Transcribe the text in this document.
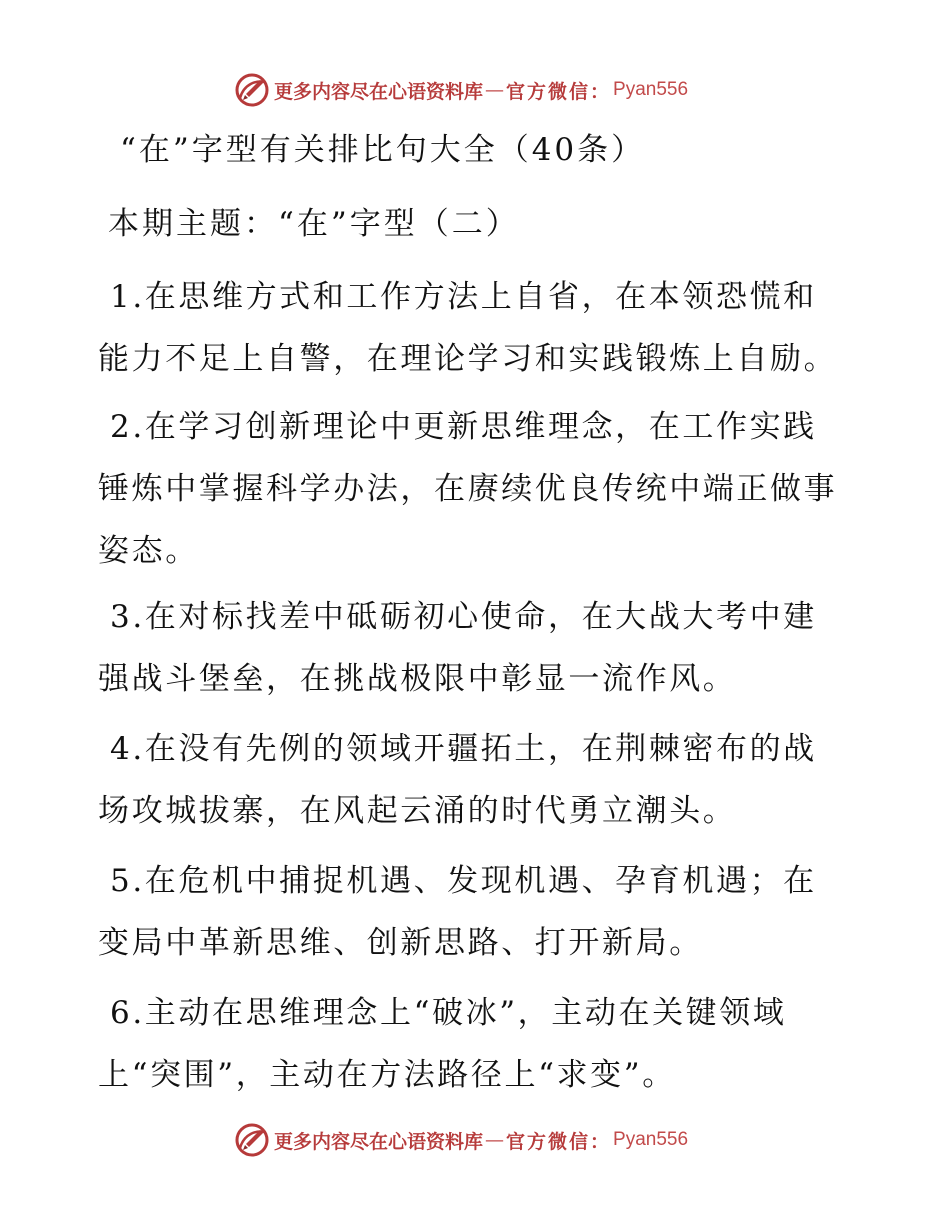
更多内容尽在心语资料库 — 官方微信： Pyan556
“在”字型有关排比句大全（40条）
本期主题：“在”字型（二）
1.在思维方式和工作方法上自省，在本领恐慌和
能力不足上自警，在理论学习和实践锻炼上自励。
2.在学习创新理论中更新思维理念，在工作实践
锤炼中掌握科学办法，在赓续优良传统中端正做事
姿态。
3.在对标找差中砥砺初心使命，在大战大考中建
强战斗堡垒，在挑战极限中彰显一流作风。
4.在没有先例的领域开疆拓土，在荆棘密布的战
场攻城拔寨，在风起云涌的时代勇立潮头。
5.在危机中捕捉机遇、发现机遇、孕育机遇；在
变局中革新思维、创新思路、打开新局。
6.主动在思维理念上“破冰”，主动在关键领域
上“突围”，主动在方法路径上“求变”。
更多内容尽在心语资料库 — 官方微信： Pyan556
